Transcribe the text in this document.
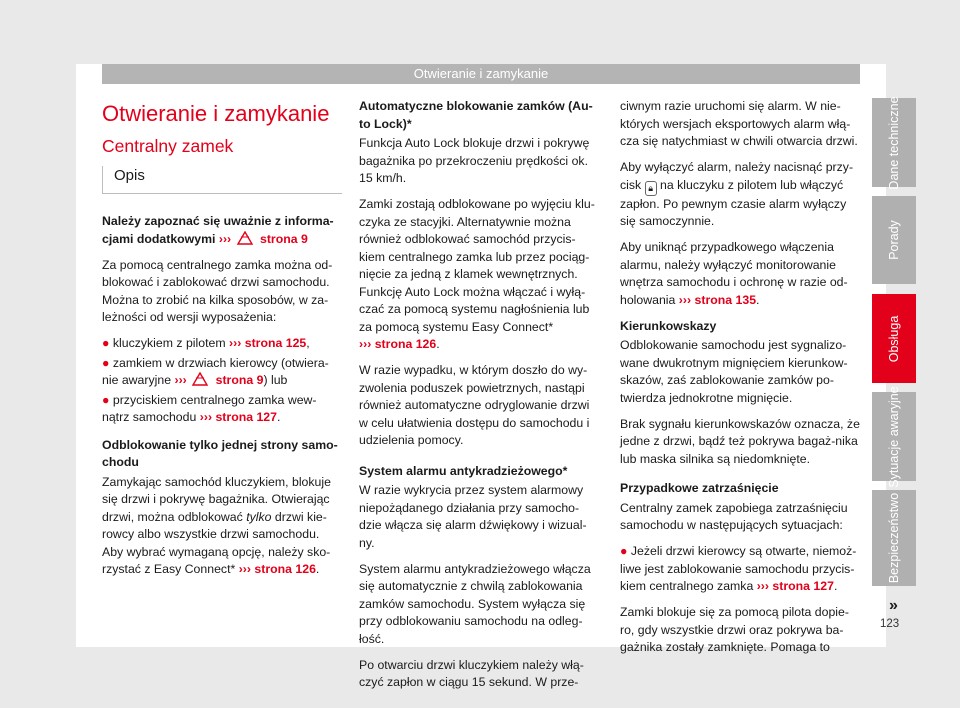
Otwieranie i zamykanie
Otwieranie i zamykanie
Centralny zamek
Opis

Należy zapoznać się uważnie z informa-cjami dodatkowymi ››› strona 9

Za pomocą centralnego zamka można od-blokować i zablokować drzwi samochodu. Można to zrobić na kilka sposobów, w za-leżności od wersji wyposażenia:

● kluczykiem z pilotem ››› strona 125,
● zamkiem w drzwiach kierowcy (otwiera-nie awaryjne ››› strona 9) lub
● przyciskiem centralnego zamka wew-nątrz samochodu ››› strona 127.

Odblokowanie tylko jednej strony samo-chodu

Zamykając samochód kluczykiem, blokuje się drzwi i pokrywę bagażnika. Otwierając drzwi, można odblokować tylko drzwi kie-rowcy albo wszystkie drzwi samochodu. Aby wybrać wymaganą opcję, należy sko-rzystać z Easy Connect* ››› strona 126.

Automatyczne blokowanie zamków (Au-to Lock)*

Funkcja Auto Lock blokuje drzwi i pokrywę bagażnika po przekroczeniu prędkości ok. 15 km/h.

Zamki zostają odblokowane po wyjęciu klu-czyka ze stacyjki. Alternatywnie można również odblokować samochód przycis-kiem centralnego zamka lub przez pociąg-nięcie za jedną z klamek wewnętrznych. Funkcję Auto Lock można włączać i wyłą-czać za pomocą systemu nagłośnienia lub za pomocą systemu Easy Connect*
››› strona 126.

W razie wypadku, w którym doszło do wy-zwolenia poduszek powietrznych, nastąpi również automatyczne odryglowanie drzwi w celu ułatwienia dostępu do samochodu i udzielenia pomocy.

System alarmu antykradzieżowego*

W razie wykrycia przez system alarmowy niepożądanego działania przy samocho-dzie włącza się alarm dźwiękowy i wizual-ny.

System alarmu antykradzieżowego włącza się automatycznie z chwilą zablokowania zamków samochodu. System wyłącza się przy odblokowaniu samochodu na odleg-łość.

Po otwarciu drzwi kluczykiem należy włą-czyć zapłon w ciągu 15 sekund. W prze-

ciwnym razie uruchomi się alarm. W nie-których wersjach eksportowych alarm włą-cza się natychmiast w chwili otwarcia drzwi.

Aby wyłączyć alarm, należy nacisnąć przy-cisk 🔒︎ na kluczyku z pilotem lub włączyć zapłon. Po pewnym czasie alarm wyłączy się samoczynnie.

Aby uniknąć przypadkowego włączenia alarmu, należy wyłączyć monitorowanie wnętrza samochodu i ochronę w razie od-holowania ››› strona 135.

Kierunkowskazy

Odblokowanie samochodu jest sygnalizo-wane dwukrotnym mignięciem kierunkow-skazów, zaś zablokowanie zamków po-twierdza jednokrotne mignięcie.

Brak sygnału kierunkowskazów oznacza, że jedne z drzwi, bądź też pokrywa bagaż-nika lub maska silnika są niedomknięte.

Przypadkowe zatrzaśnięcie

Centralny zamek zapobiega zatrzaśnięciu samochodu w następujących sytuacjach:

● Jeżeli drzwi kierowcy są otwarte, niemoż-liwe jest zablokowanie samochodu przycis-kiem centralnego zamka ››› strona 127.

Zamki blokuje się za pomocą pilota dopie-ro, gdy wszystkie drzwi oraz pokrywa ba-gażnika zostały zamknięte. Pomaga to

Dane techniczne
Porady
Obsługa
Sytuacje awaryjne
Bezpieczeństwo
»
123
